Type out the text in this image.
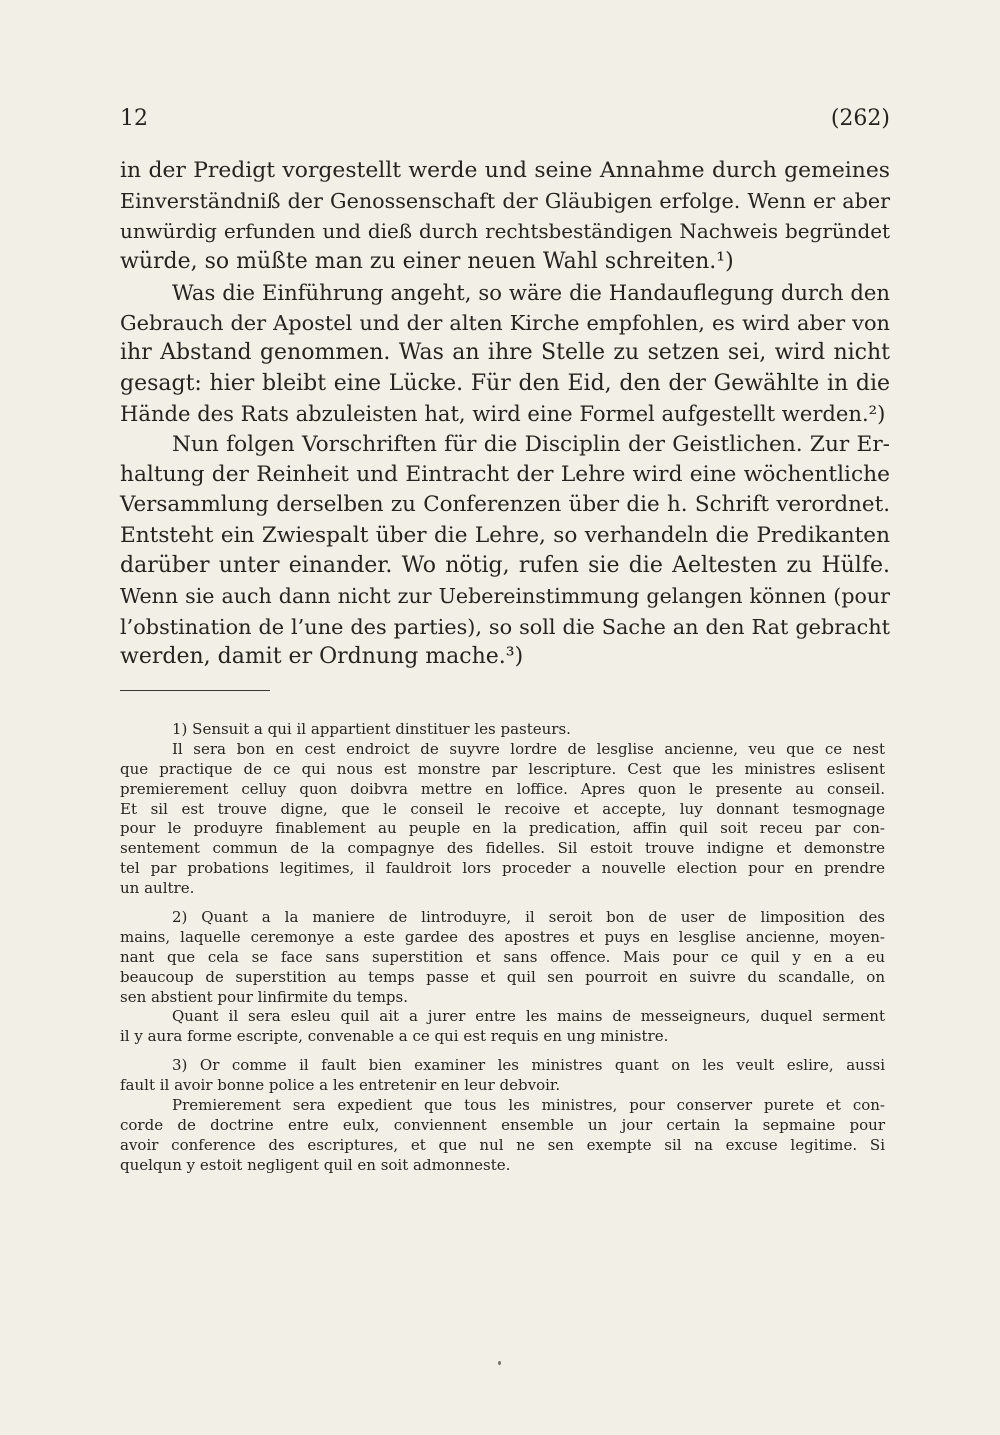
12	(262)
in der Predigt vorgestellt werde und seine Annahme durch gemeines
Einverständniß der Genossenschaft der Gläubigen erfolge. Wenn er aber
unwürdig erfunden und dieß durch rechtsbeständigen Nachweis begründet
würde, so müßte man zu einer neuen Wahl schreiten.¹)
Was die Einführung angeht, so wäre die Handauflegung durch den
Gebrauch der Apostel und der alten Kirche empfohlen, es wird aber von
ihr Abstand genommen. Was an ihre Stelle zu setzen sei, wird nicht
gesagt: hier bleibt eine Lücke. Für den Eid, den der Gewählte in die
Hände des Rats abzuleisten hat, wird eine Formel aufgestellt werden.²)
Nun folgen Vorschriften für die Disciplin der Geistlichen. Zur Er-
haltung der Reinheit und Eintracht der Lehre wird eine wöchentliche
Versammlung derselben zu Conferenzen über die h. Schrift verordnet.
Entsteht ein Zwiespalt über die Lehre, so verhandeln die Predikanten
darüber unter einander. Wo nötig, rufen sie die Aeltesten zu Hülfe.
Wenn sie auch dann nicht zur Uebereinstimmung gelangen können (pour
l’obstination de l’une des parties), so soll die Sache an den Rat gebracht
werden, damit er Ordnung mache.³)
1) Sensuit a qui il appartient dinstituer les pasteurs.
Il sera bon en cest endroict de suyvre lordre de lesglise ancienne, veu que ce nest
que practique de ce qui nous est monstre par lescripture. Cest que les ministres eslisent
premierement celluy quon doibvra mettre en loffice. Apres quon le presente au conseil.
Et sil est trouve digne, que le conseil le recoive et accepte, luy donnant tesmognage
pour le produyre finablement au peuple en la predication, affin quil soit receu par con-
sentement commun de la compagnye des fidelles. Sil estoit trouve indigne et demonstre
tel par probations legitimes, il fauldroit lors proceder a nouvelle election pour en prendre
un aultre.
2) Quant a la maniere de lintroduyre, il seroit bon de user de limposition des
mains, laquelle ceremonye a este gardee des apostres et puys en lesglise ancienne, moyen-
nant que cela se face sans superstition et sans offence. Mais pour ce quil y en a eu
beaucoup de superstition au temps passe et quil sen pourroit en suivre du scandalle, on
sen abstient pour linfirmite du temps.
Quant il sera esleu quil ait a jurer entre les mains de messeigneurs, duquel serment
il y aura forme escripte, convenable a ce qui est requis en ung ministre.
3) Or comme il fault bien examiner les ministres quant on les veult eslire, aussi
fault il avoir bonne police a les entretenir en leur debvoir.
Premierement sera expedient que tous les ministres, pour conserver purete et con-
corde de doctrine entre eulx, conviennent ensemble un jour certain la sepmaine pour
avoir conference des escriptures, et que nul ne sen exempte sil na excuse legitime. Si
quelqun y estoit negligent quil en soit admonneste.
